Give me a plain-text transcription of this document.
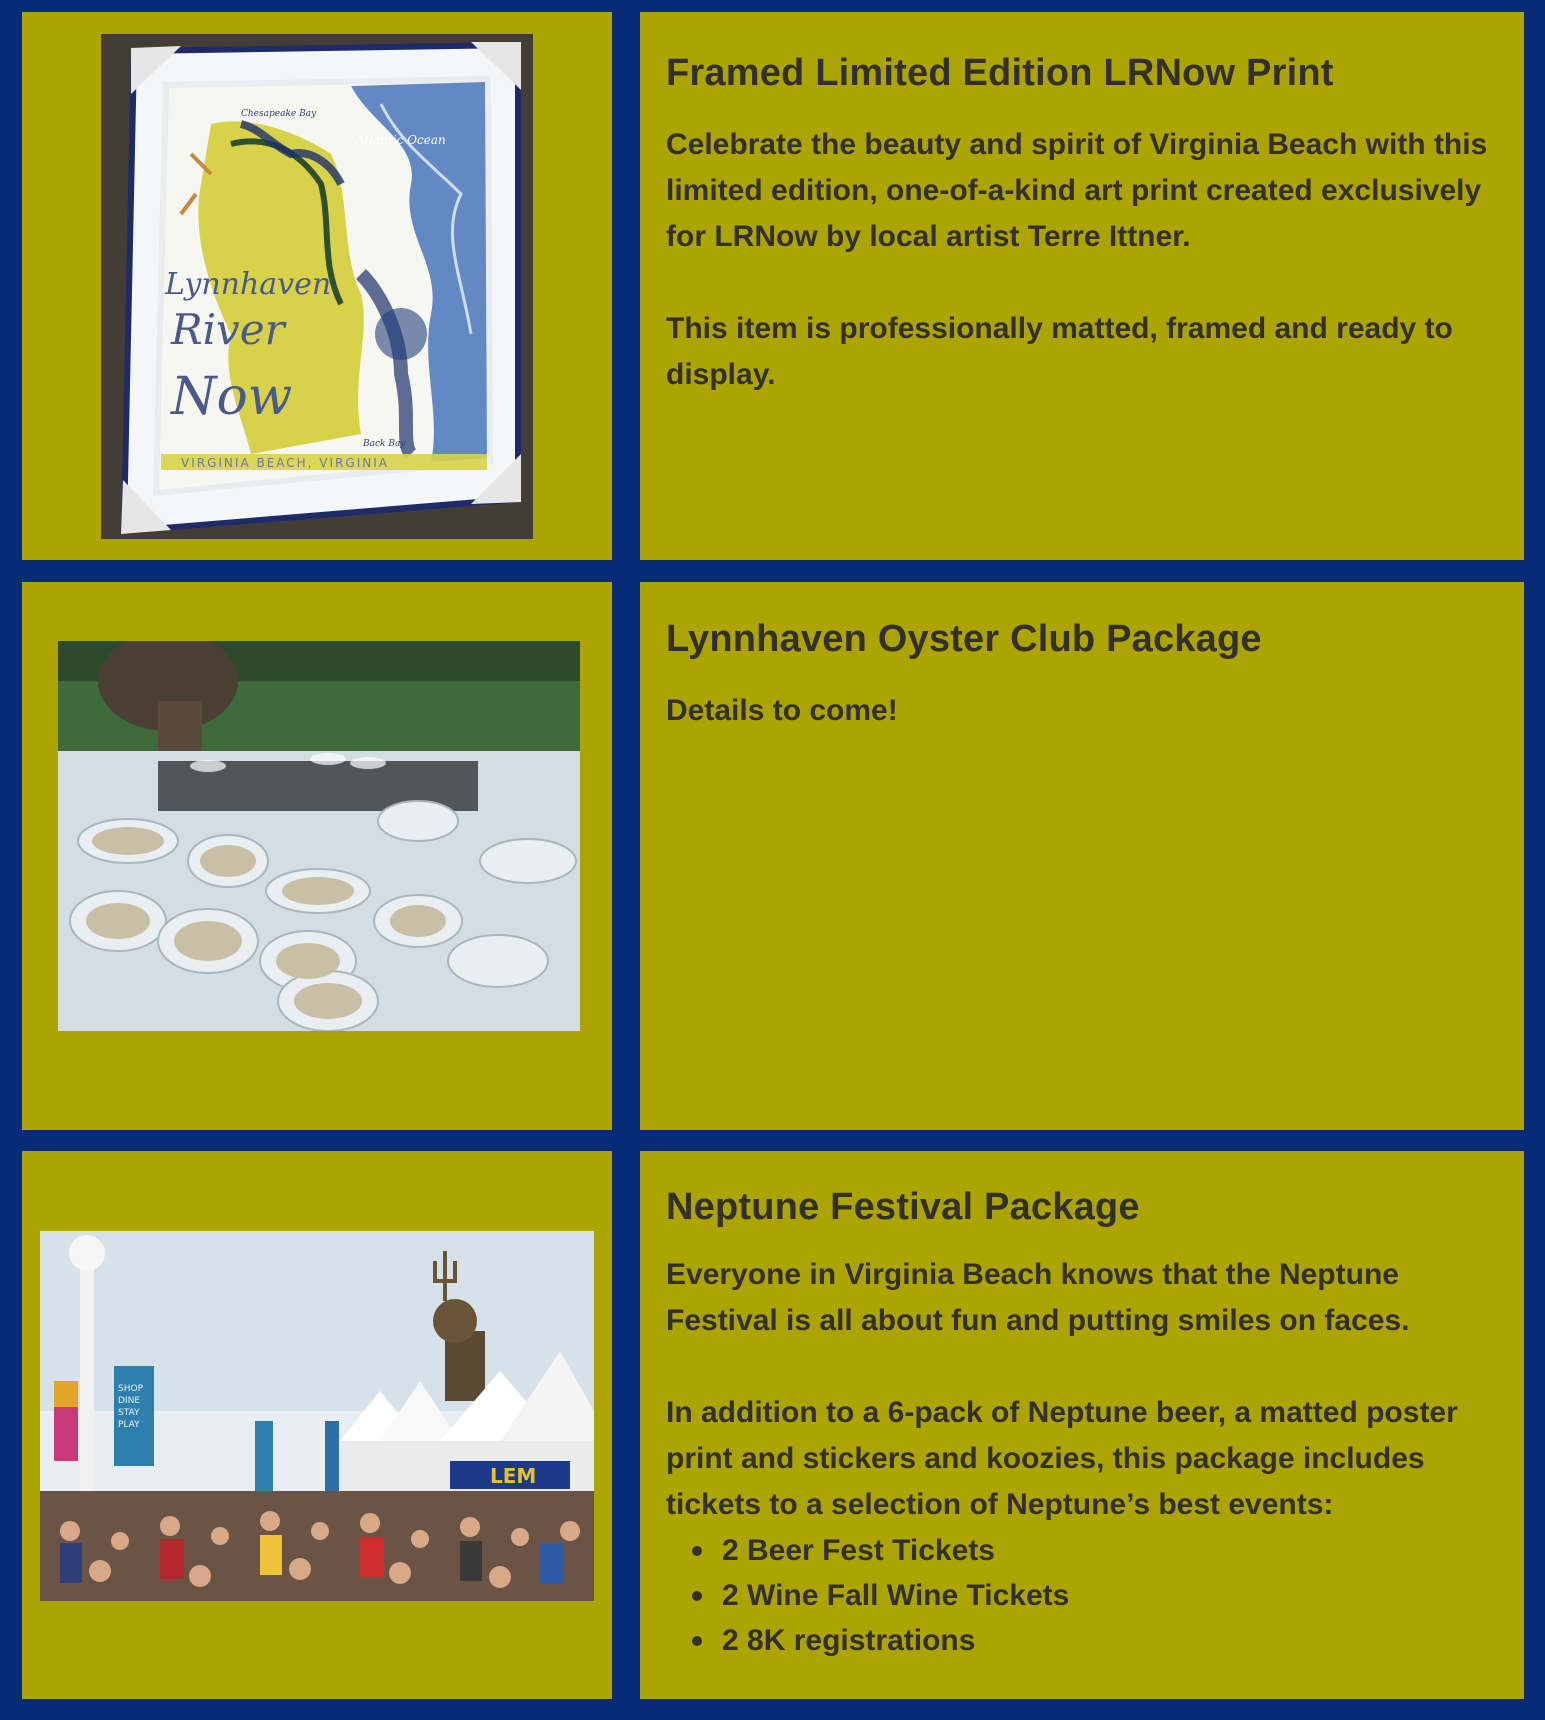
Lynnhaven
River
Now
Atlantic Ocean
Chesapeake Bay
Back Bay
VIRGINIA BEACH, VIRGINIA
Framed Limited Edition LRNow Print

Celebrate the beauty and spirit of Virginia Beach with this limited edition, one-of-a-kind art print created exclusively for LRNow by local artist Terre Ittner.

This item is professionally matted, framed and ready to display.

Lynnhaven Oyster Club Package

Details to come!

SHOP
DINE
STAY
PLAY
LEM
Neptune Festival Package

Everyone in Virginia Beach knows that the Neptune Festival is all about fun and putting smiles on faces.

In addition to a 6-pack of Neptune beer, a matted poster print and stickers and koozies, this package includes tickets to a selection of Neptune’s best events:

2 Beer Fest Tickets
2 Wine Fall Wine Tickets
2 8K registrations
